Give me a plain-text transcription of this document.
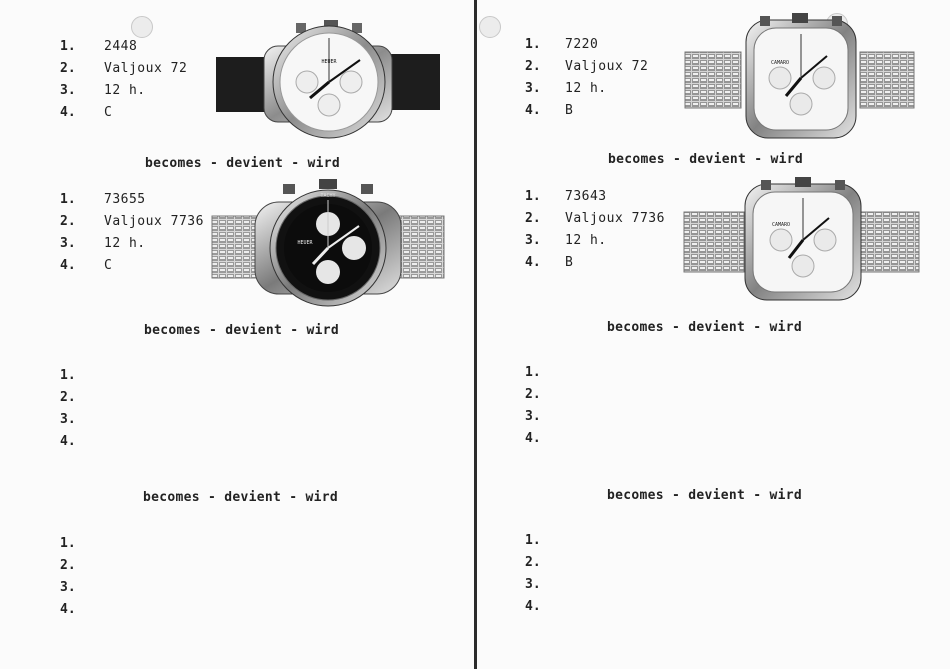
1. 2448
2. Valjoux 72
3. 12 h.
4. C
HEUER
becomes - devient - wird
1. 73655
2. Valjoux 7736
3. 12 h.
4. C
TACHY
HEUER
becomes - devient - wird
1.
2.
3.
4.
becomes - devient - wird
1.
2.
3.
4.
1. 7220
2. Valjoux 72
3. 12 h.
4. B
CAMARO
becomes - devient - wird
1. 73643
2. Valjoux 7736
3. 12 h.
4. B
CAMARO
becomes - devient - wird
1.
2.
3.
4.
becomes - devient - wird
1.
2.
3.
4.
